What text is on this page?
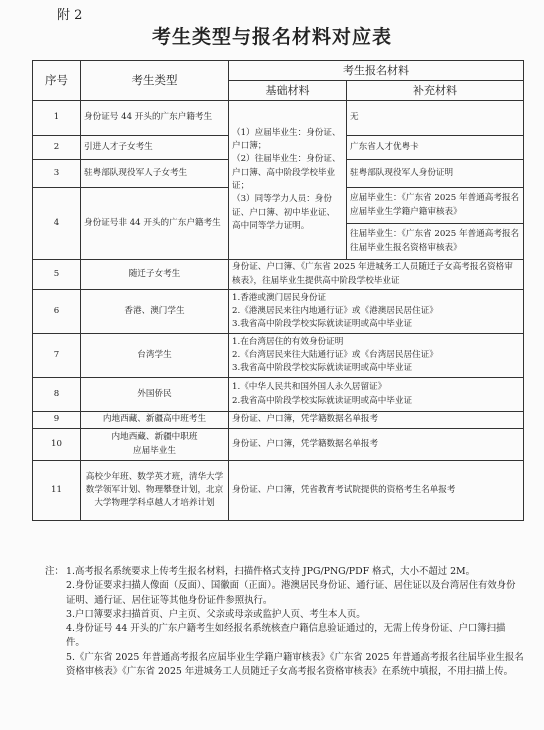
附 2
考生类型与报名材料对应表
序号	考生类型	考生报名材料	
		基础材料	补充材料
1	身份证号 44 开头的广东户籍考生	（1）应届毕业生：身份证、户口簿；
（2）往届毕业生：身份证、户口簿、高中阶段学校毕业证；
（3）同等学力人员：身份证、户口簿、初中毕业证、高中同等学力证明。	无
2	引进人才子女考生		广东省人才优粤卡
3	驻粤部队现役军人子女考生		驻粤部队现役军人身份证明
4	身份证号非 44 开头的广东户籍考生		应届毕业生：《广东省 2025 年普通高考报名应届毕业生学籍户籍审核表》
			往届毕业生：《广东省 2025 年普通高考报名往届毕业生报名资格审核表》
5	随迁子女考生	身份证、户口簿、《广东省 2025 年进城务工人员随迁子女高考报名资格审核表》，往届毕业生提供高中阶段学校毕业证	
6	香港、澳门学生	1.香港或澳门居民身份证
2.《港澳居民来往内地通行证》或《港澳居民居住证》
3.我省高中阶段学校实际就读证明或高中毕业证	

7	台湾学生	1.在台湾居住的有效身份证明
2.《台湾居民来往大陆通行证》或《台湾居民居住证》
3.我省高中阶段学校实际就读证明或高中毕业证	

8	外国侨民	1.《中华人民共和国外国人永久居留证》
2.我省高中阶段学校实际就读证明或高中毕业证	

9	内地西藏、新疆高中班考生	身份证、户口簿，凭学籍数据名单报考	
10	内地西藏、新疆中职班
应届毕业生	身份证、户口簿，凭学籍数据名单报考	
11	高校少年班、数学英才班，清华大学数学领军计划、物理攀登计划，北京大学物理学科卓越人才培养计划	身份证、户口簿，凭省教育考试院提供的资格考生名单报考	
注： 1.高考报名系统要求上传考生报名材料，扫描件格式支持 JPG/PNG/PDF 格式，大小不超过 2M。

2.身份证要求扫描人像面（反面）、国徽面（正面）。港澳居民身份证、通行证、居住证以及台湾居住有效身份证明、通行证、居住证等其他身份证件参照执行。

3.户口簿要求扫描首页、户主页、父亲或母亲或监护人页、考生本人页。

4.身份证号 44 开头的广东户籍考生如经报名系统核查户籍信息验证通过的，无需上传身份证、户口簿扫描件。

5.《广东省 2025 年普通高考报名应届毕业生学籍户籍审核表》《广东省 2025 年普通高考报名往届毕业生报名资格审核表》《广东省 2025 年进城务工人员随迁子女高考报名资格审核表》在系统中填报，不用扫描上传。
